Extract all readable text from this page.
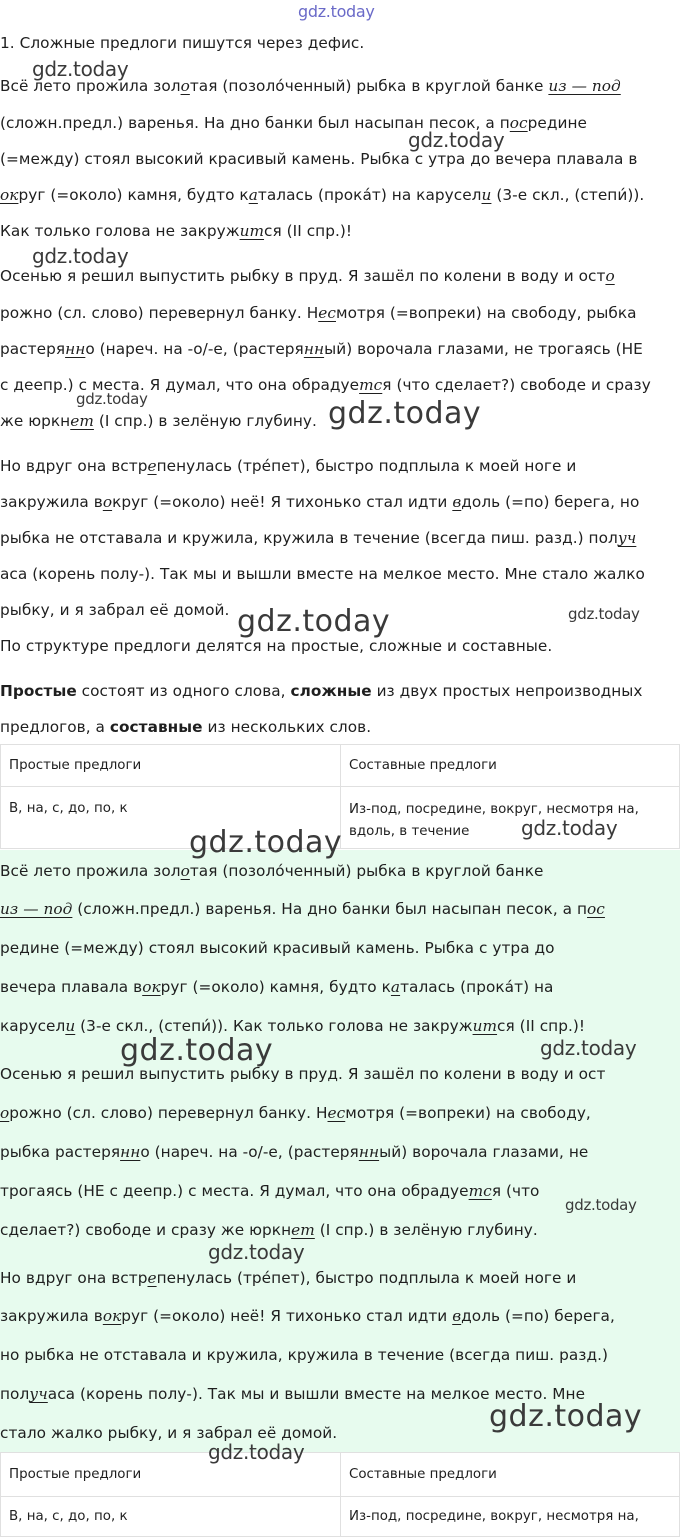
1. Сложные предлоги пишутся через дефис.
Всё лето прожила золотая (позолóченный) рыбка в круглой банке из — под
(сложн.предл.) варенья. На дно банки был насыпан песок, а посредине
(=между) стоял высокий красивый камень. Рыбка с утра до вечера плавала в
округ (=около) камня, будто каталась (прокáт) на карусели (3-е скл., (степи́)).
Как только голова не закружится (II спр.)!
Осенью я решил выпустить рыбку в пруд. Я зашёл по колени в воду и осто
рожно (сл. слово) перевернул банку. Несмотря (=вопреки) на свободу, рыбка
растерянно (нареч. на -о/-е, (растерянный) ворочала глазами, не трогаясь (НЕ
с деепр.) с места. Я думал, что она обрадуется (что сделает?) свободе и сразу
же юркнет (I спр.) в зелёную глубину.
Но вдруг она встрепенулась (трéпет), быстро подплыла к моей ноге и
закружила вокруг (=около) неё! Я тихонько стал идти вдоль (=по) берега, но
рыбка не отставала и кружила, кружила в течение (всегда пиш. разд.) получ
аса (корень полу-). Так мы и вышли вместе на мелкое место. Мне стало жалко
рыбку, и я забрал её домой.
По структуре предлоги делятся на простые, сложные и составные.
Простые состоят из одного слова, сложные из двух простых непроизводных
предлогов, а составные из нескольких слов.
Простые предлоги	Составные предлоги
В, на, с, до, по, к	Из-под, посредине, вокруг, несмотря на,
вдоль, в течение
Всё лето прожила золотая (позолóченный) рыбка в круглой банке
из — под (сложн.предл.) варенья. На дно банки был насыпан песок, а пос
редине (=между) стоял высокий красивый камень. Рыбка с утра до
вечера плавала вокруг (=около) камня, будто каталась (прокáт) на
карусели (3-е скл., (степи́)). Как только голова не закружится (II спр.)!
Осенью я решил выпустить рыбку в пруд. Я зашёл по колени в воду и ост
орожно (сл. слово) перевернул банку. Несмотря (=вопреки) на свободу,
рыбка растерянно (нареч. на -о/-е, (растерянный) ворочала глазами, не
трогаясь (НЕ с деепр.) с места. Я думал, что она обрадуется (что
сделает?) свободе и сразу же юркнет (I спр.) в зелёную глубину.
Но вдруг она встрепенулась (трéпет), быстро подплыла к моей ноге и
закружила вокруг (=около) неё! Я тихонько стал идти вдоль (=по) берега,
но рыбка не отставала и кружила, кружила в течение (всегда пиш. разд.)
получаса (корень полу-). Так мы и вышли вместе на мелкое место. Мне
стало жалко рыбку, и я забрал её домой.
Простые предлоги	Составные предлоги
В, на, с, до, по, к	Из-под, посредине, вокруг, несмотря на,
gdz.today
gdz.today
gdz.today
gdz.today
gdz.today	gdz.today
gdz.today	gdz.today
gdz.today	gdz.today
gdz.today	gdz.today
gdz.today
gdz.today
gdz.today
gdz.today
